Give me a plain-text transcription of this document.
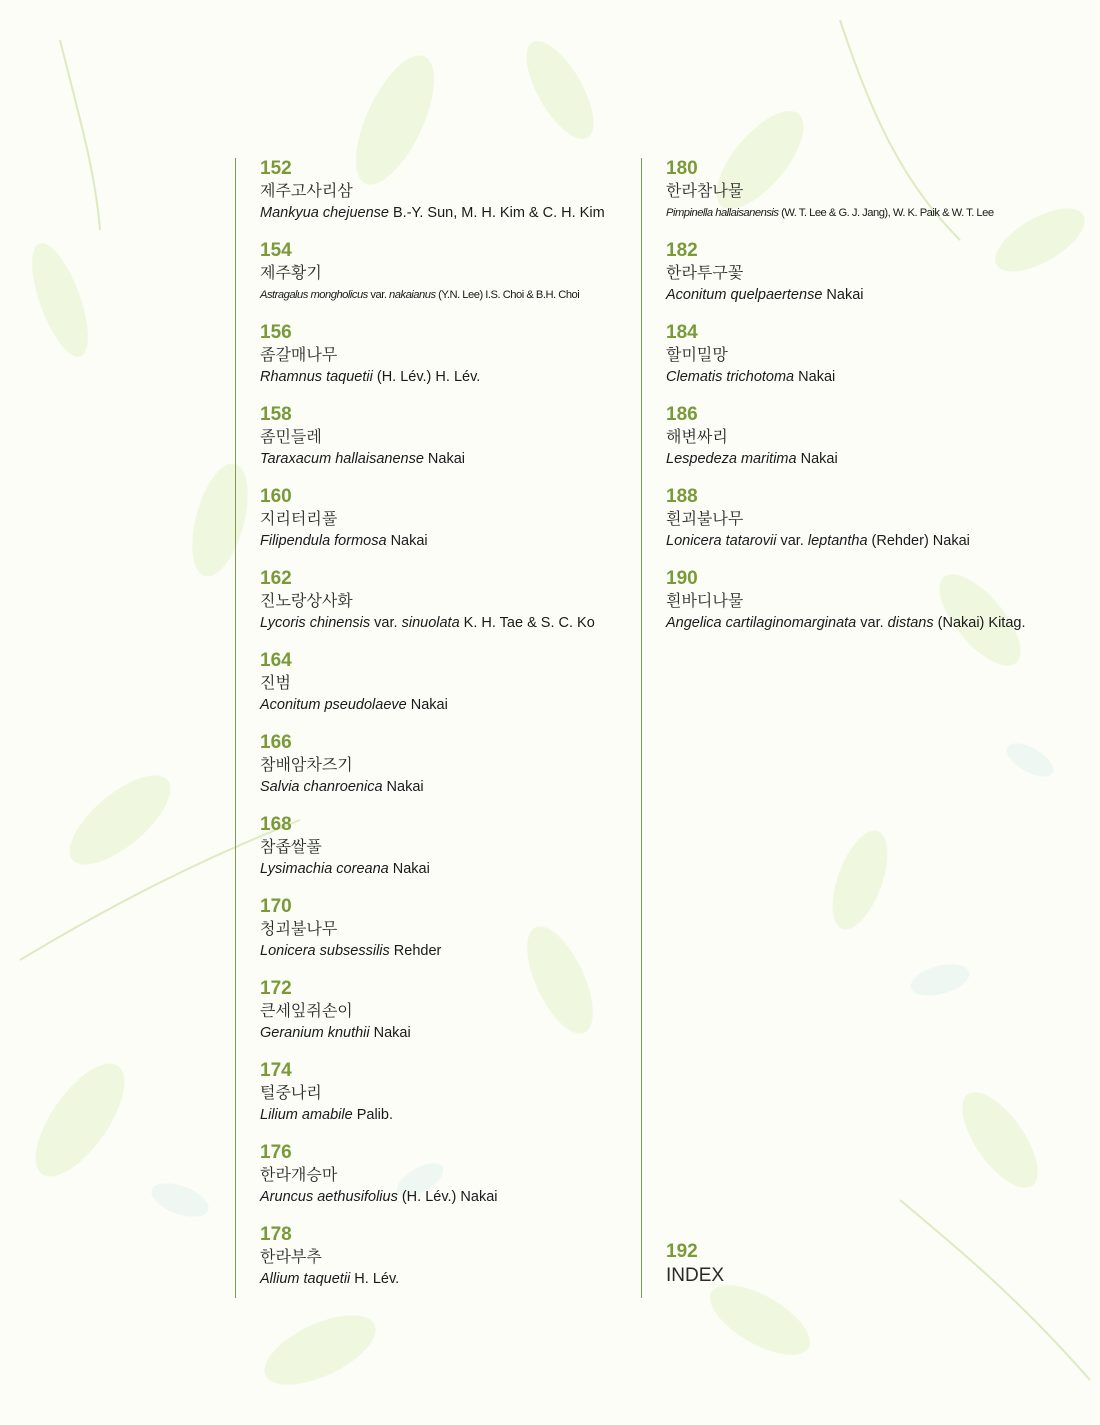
152
제주고사리삼
Mankyua chejuense B.-Y. Sun, M. H. Kim & C. H. Kim
154
제주황기
Astragalus mongholicus var. nakaianus (Y.N. Lee) I.S. Choi & B.H. Choi
156
좀갈매나무
Rhamnus taquetii (H. Lév.) H. Lév.
158
좀민들레
Taraxacum hallaisanense Nakai
160
지리터리풀
Filipendula formosa Nakai
162
진노랑상사화
Lycoris chinensis var. sinuolata K. H. Tae & S. C. Ko
164
진범
Aconitum pseudolaeve Nakai
166
참배암차즈기
Salvia chanroenica Nakai
168
참좁쌀풀
Lysimachia coreana Nakai
170
청괴불나무
Lonicera subsessilis Rehder
172
큰세잎쥐손이
Geranium knuthii Nakai
174
털중나리
Lilium amabile Palib.
176
한라개승마
Aruncus aethusifolius (H. Lév.) Nakai
178
한라부추
Allium taquetii H. Lév.
180
한라참나물
Pimpinella hallaisanensis (W. T. Lee & G. J. Jang), W. K. Paik & W. T. Lee
182
한라투구꽃
Aconitum quelpaertense Nakai
184
할미밀망
Clematis trichotoma Nakai
186
해변싸리
Lespedeza maritima Nakai
188
흰괴불나무
Lonicera tatarovii var. leptantha (Rehder) Nakai
190
흰바디나물
Angelica cartilaginomarginata var. distans (Nakai) Kitag.
192
INDEX
